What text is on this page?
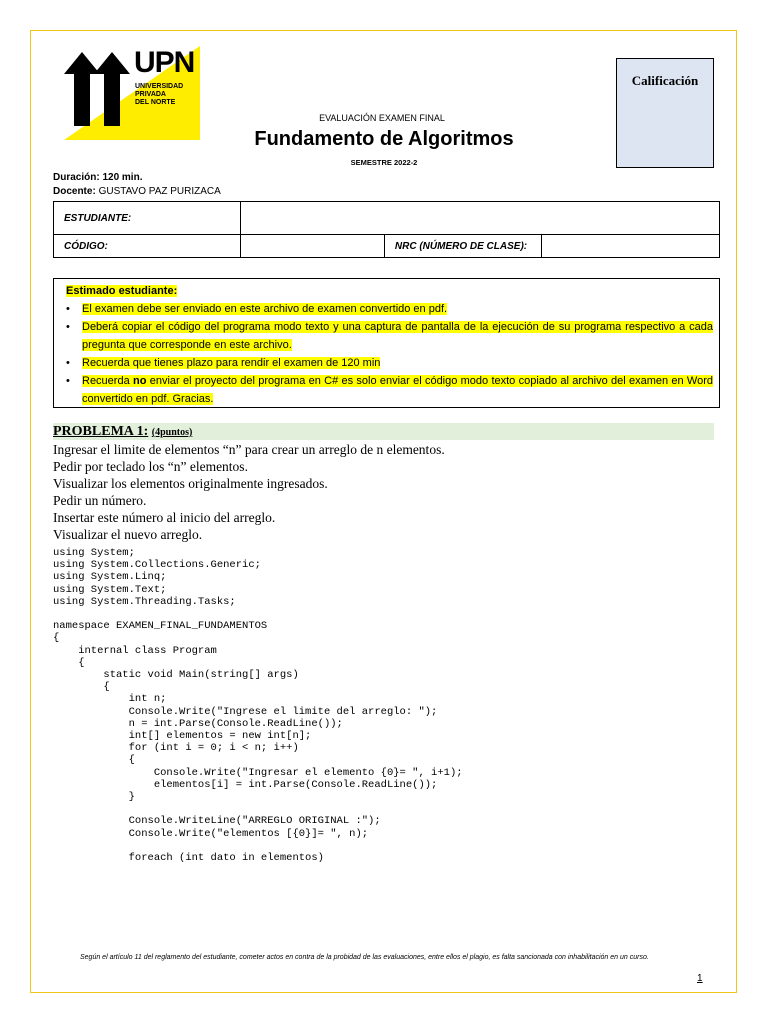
UPN
UNIVERSIDAD
PRIVADA
DEL NORTE
EVALUACIÓN EXAMEN FINAL
Fundamento de Algoritmos
SEMESTRE 2022-2
Calificación
Duración: 120 min.
Docente: GUSTAVO PAZ PURIZACA
ESTUDIANTE:			
CÓDIGO:		NRC (NÚMERO DE CLASE):	
Estimado estudiante:
• El examen debe ser enviado en este archivo de examen convertido en pdf.
• Deberá copiar el código del programa modo texto y una captura de pantalla de la ejecución de su programa respectivo a cada pregunta que corresponde en este archivo.
• Recuerda que tienes plazo para rendir el examen de 120 min
• Recuerda no enviar el proyecto del programa en C# es solo enviar el código modo texto copiado al archivo del examen en Word convertido en pdf. Gracias.
PROBLEMA 1: (4puntos)
Ingresar el limite de elementos “n” para crear un arreglo de n elementos.
Pedir por teclado los “n” elementos.
Visualizar los elementos originalmente ingresados.
Pedir un número.
Insertar este número al inicio del arreglo.
Visualizar el nuevo arreglo.
using System;
using System.Collections.Generic;
using System.Linq;
using System.Text;
using System.Threading.Tasks;

namespace EXAMEN_FINAL_FUNDAMENTOS
{
internal class Program
{
static void Main(string[] args)
{
int n;
Console.Write("Ingrese el limite del arreglo: ");
n = int.Parse(Console.ReadLine());
int[] elementos = new int[n];
for (int i = 0; i < n; i++)
{
Console.Write("Ingresar el elemento {0}= ", i+1);
elementos[i] = int.Parse(Console.ReadLine());
}

Console.WriteLine("ARREGLO ORIGINAL :");
Console.Write("elementos [{0}]= ", n);

foreach (int dato in elementos)
Según el artículo 11 del reglamento del estudiante, cometer actos en contra de la probidad de las evaluaciones, entre ellos el plagio, es falta sancionada con inhabilitación en un curso.
1
